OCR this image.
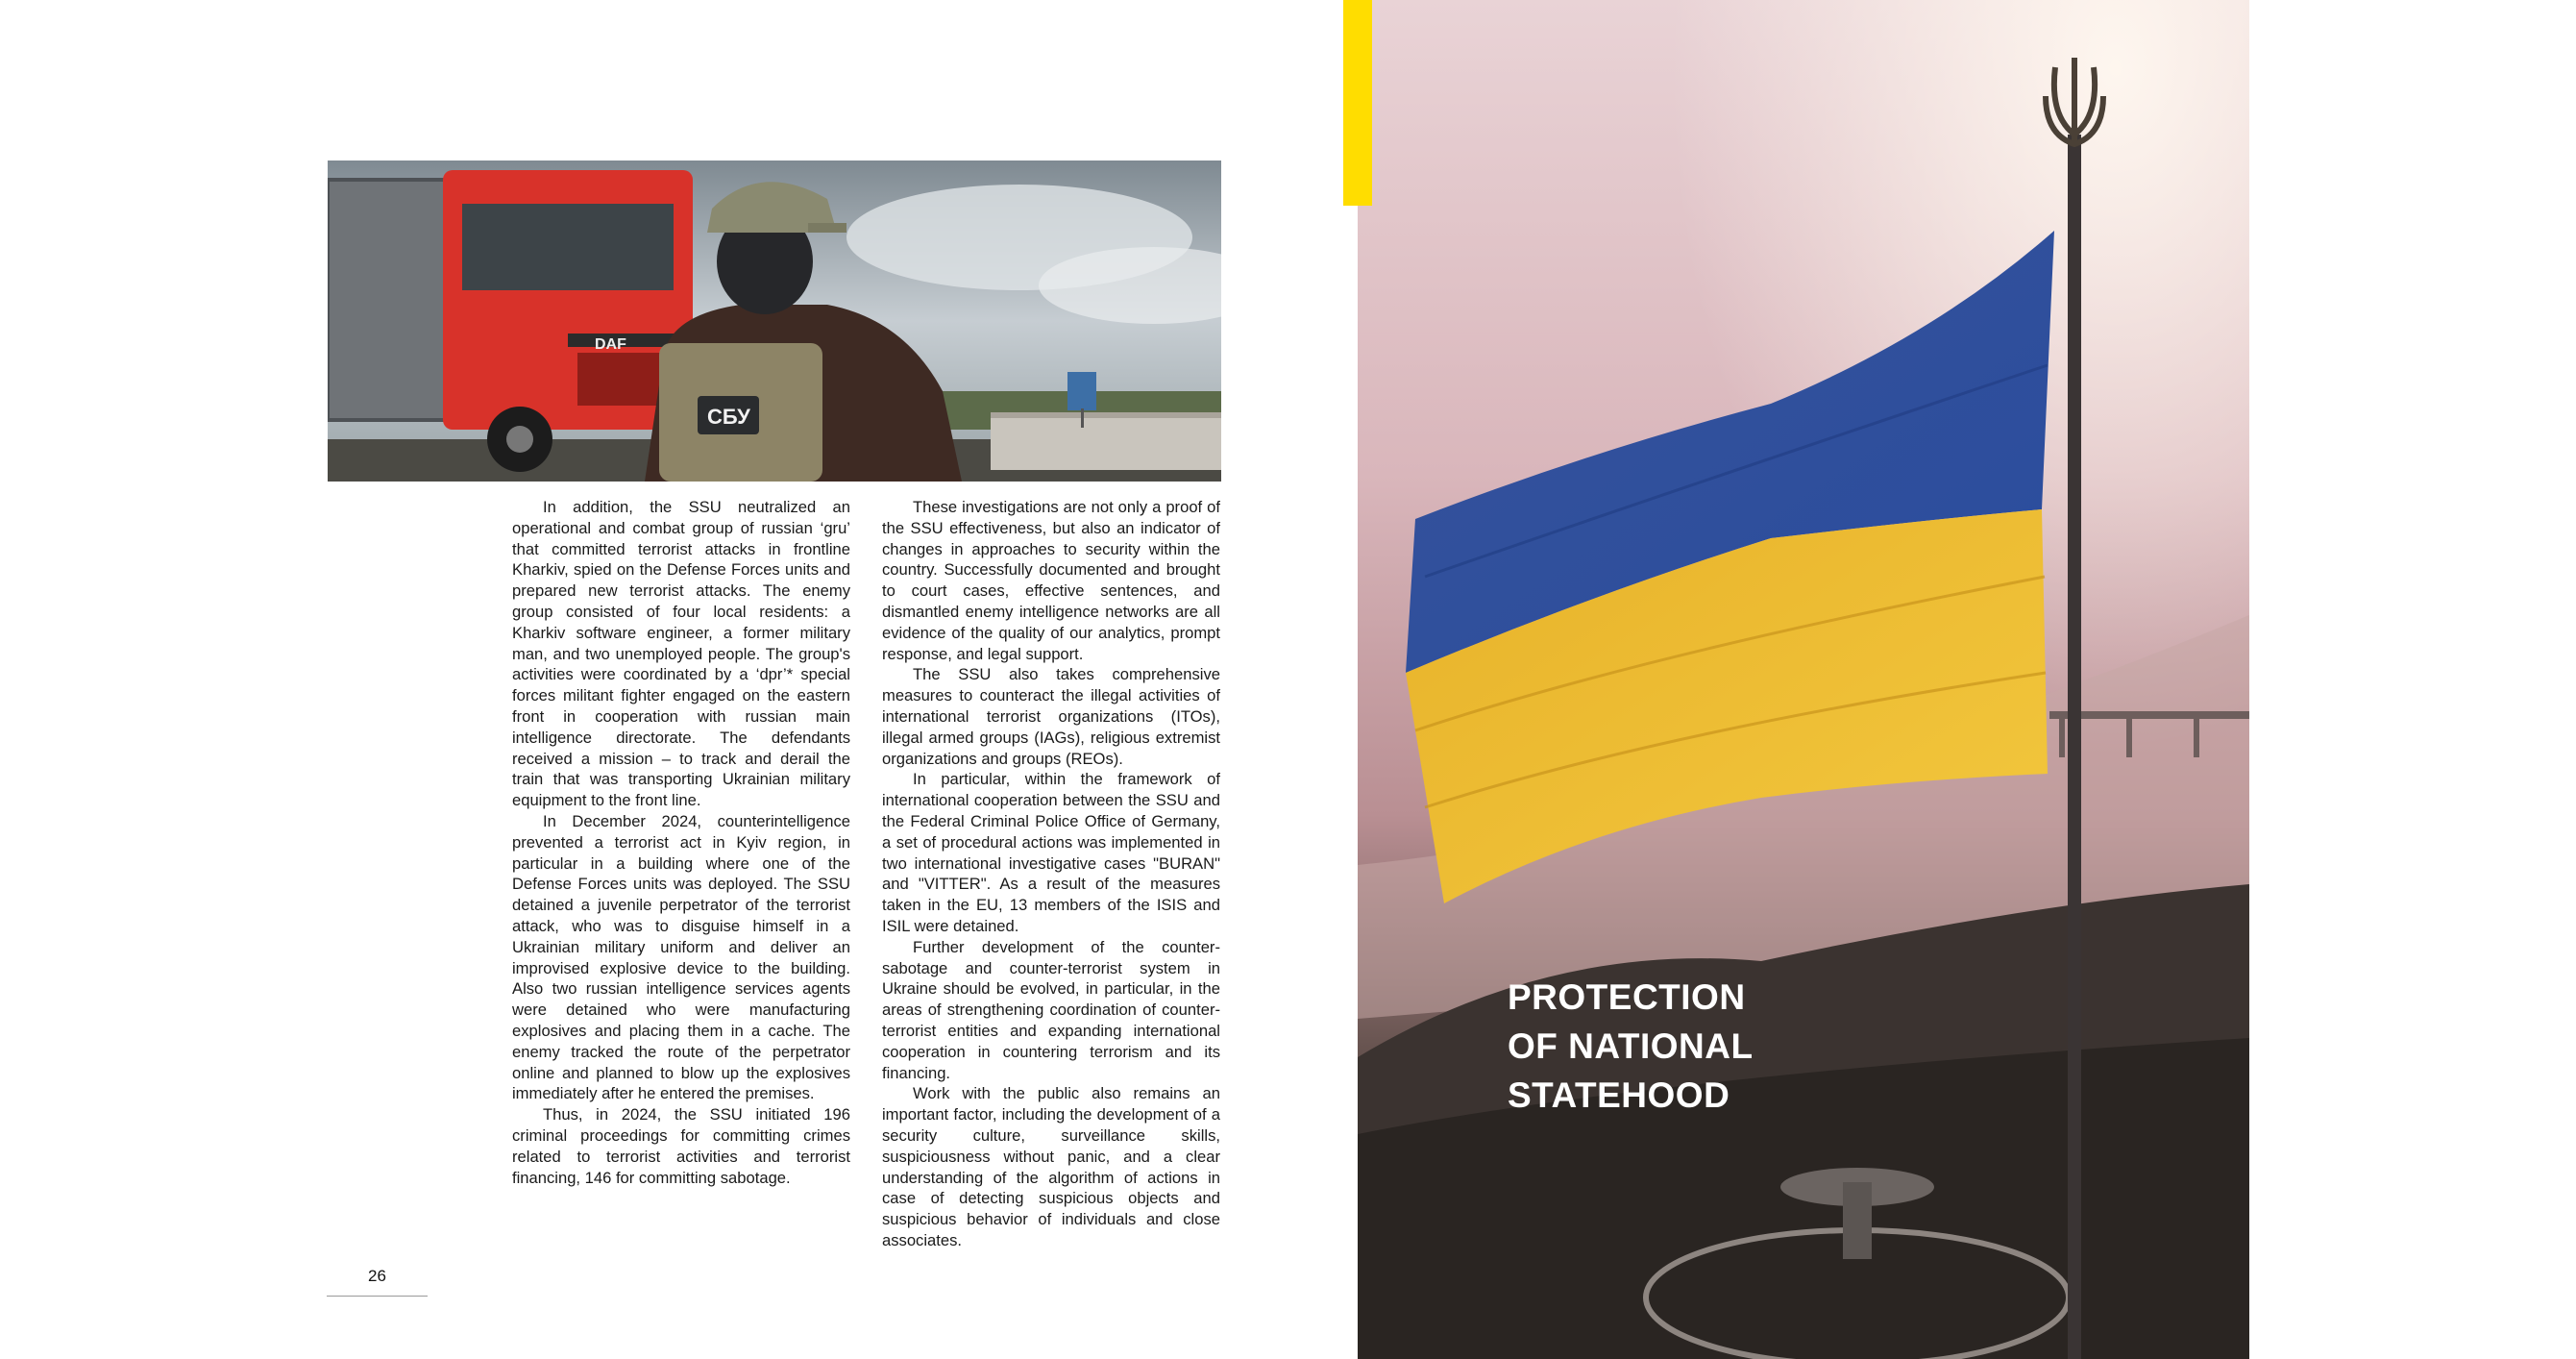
DAF
СБУ

In addition, the SSU neutralized an operational and combat group of russian ‘gru’ that committed terrorist attacks in frontline Kharkiv, spied on the Defense Forces units and prepared new terrorist attacks. The enemy group consisted of four local residents: a Kharkiv software engineer, a former military man, and two unemployed people. The group's activities were coordinated by a ‘dpr’* special forces militant fighter engaged on the eastern front in cooperation with russian main intelligence directorate. The defendants received a mission – to track and derail the train that was transporting Ukrainian military equipment to the front line.

In December 2024, counterintelligence prevented a terrorist act in Kyiv region, in particular in a building where one of the Defense Forces units was deployed. The SSU detained a juvenile perpetrator of the terrorist attack, who was to disguise himself in a Ukrainian military uniform and deliver an improvised explosive device to the building. Also two russian intelligence services agents were detained who were manufacturing explosives and placing them in a cache. The enemy tracked the route of the perpetrator online and planned to blow up the explosives immediately after he entered the premises.

Thus, in 2024, the SSU initiated 196 criminal proceedings for committing crimes related to terrorist activities and terrorist financing, 146 for committing sabotage.

These investigations are not only a proof of the SSU effectiveness, but also an indicator of changes in approaches to security within the country. Successfully documented and brought to court cases, effective sentences, and dismantled enemy intelligence networks are all evidence of the quality of our analytics, prompt response, and legal support.

The SSU also takes comprehensive measures to counteract the illegal activities of international terrorist organizations (ITOs), illegal armed groups (IAGs), religious extremist organizations and groups (REOs).

In particular, within the framework of international cooperation between the SSU and the Federal Criminal Police Office of Germany, a set of procedural actions was implemented in two international investigative cases "BURAN" and "VITTER". As a result of the measures taken in the EU, 13 members of the ISIS and ISIL were detained.

Further development of the counter-sabotage and counter-terrorist system in Ukraine should be evolved, in particular, in the areas of strengthening coordination of counter-terrorist entities and expanding international cooperation in countering terrorism and its financing.

Work with the public also remains an important factor, including the development of a security culture, surveillance skills, suspiciousness without panic, and a clear understanding of the algorithm of actions in case of detecting suspicious objects and suspicious behavior of individuals and close associates.

26
PROTECTION
OF NATIONAL
STATEHOOD
